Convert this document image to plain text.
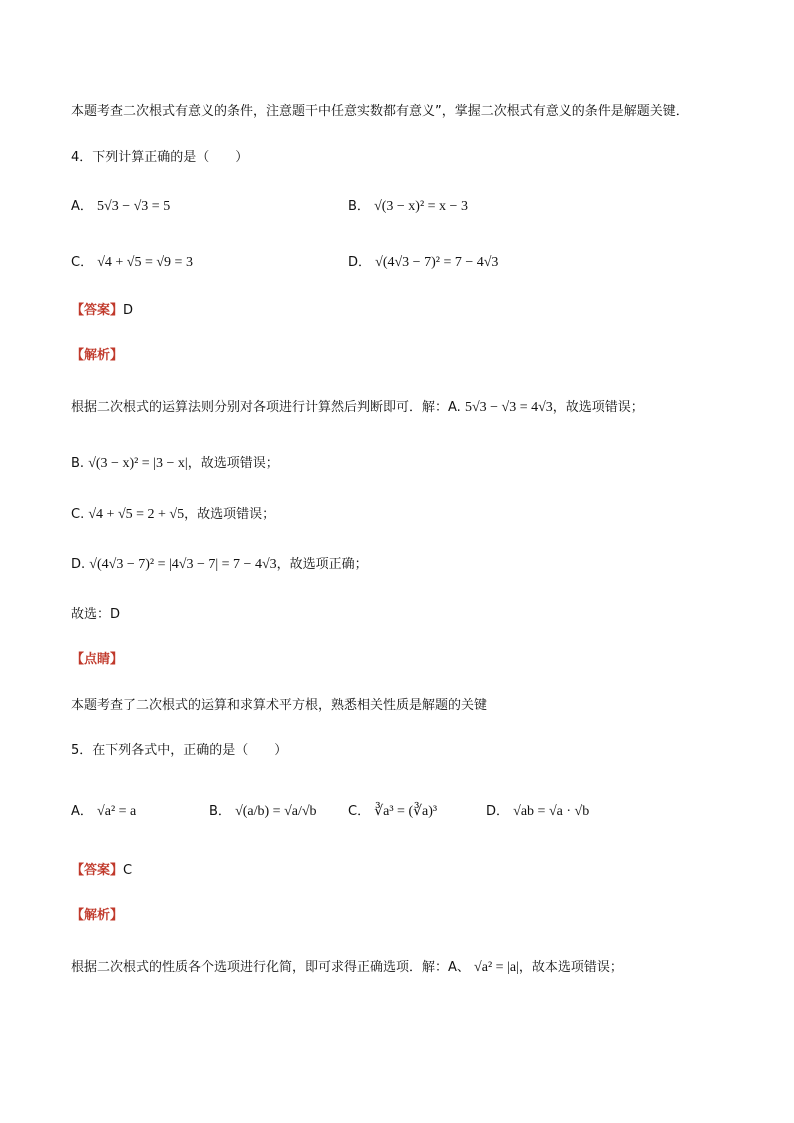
本题考查二次根式有意义的条件，注意题干中任意实数都有意义”，掌握二次根式有意义的条件是解题关键．
4．下列计算正确的是（　　）
A． 5√3 − √3 = 5	B． √(3 − x)² = x − 3
C． √4 + √5 = √9 = 3	D． √(4√3 − 7)² = 7 − 4√3
【答案】D
【解析】
根据二次根式的运算法则分别对各项进行计算然后判断即可．解：A. 5√3 − √3 = 4√3，故选项错误；
B. √(3 − x)² = |3 − x|，故选项错误；
C. √4 + √5 = 2 + √5，故选项错误；
D. √(4√3 − 7)² = |4√3 − 7| = 7 − 4√3，故选项正确；
故选：D
【点睛】
本题考查了二次根式的运算和求算术平方根，熟悉相关性质是解题的关键
5．在下列各式中，正确的是（　　）
A． √a² = a	B． √(a/b) = √a/√b C． ∛a³ = (∛a)³	D． √ab = √a · √b
【答案】C
【解析】
根据二次根式的性质各个选项进行化简，即可求得正确选项．解：A、 √a² = |a|，故本选项错误；
